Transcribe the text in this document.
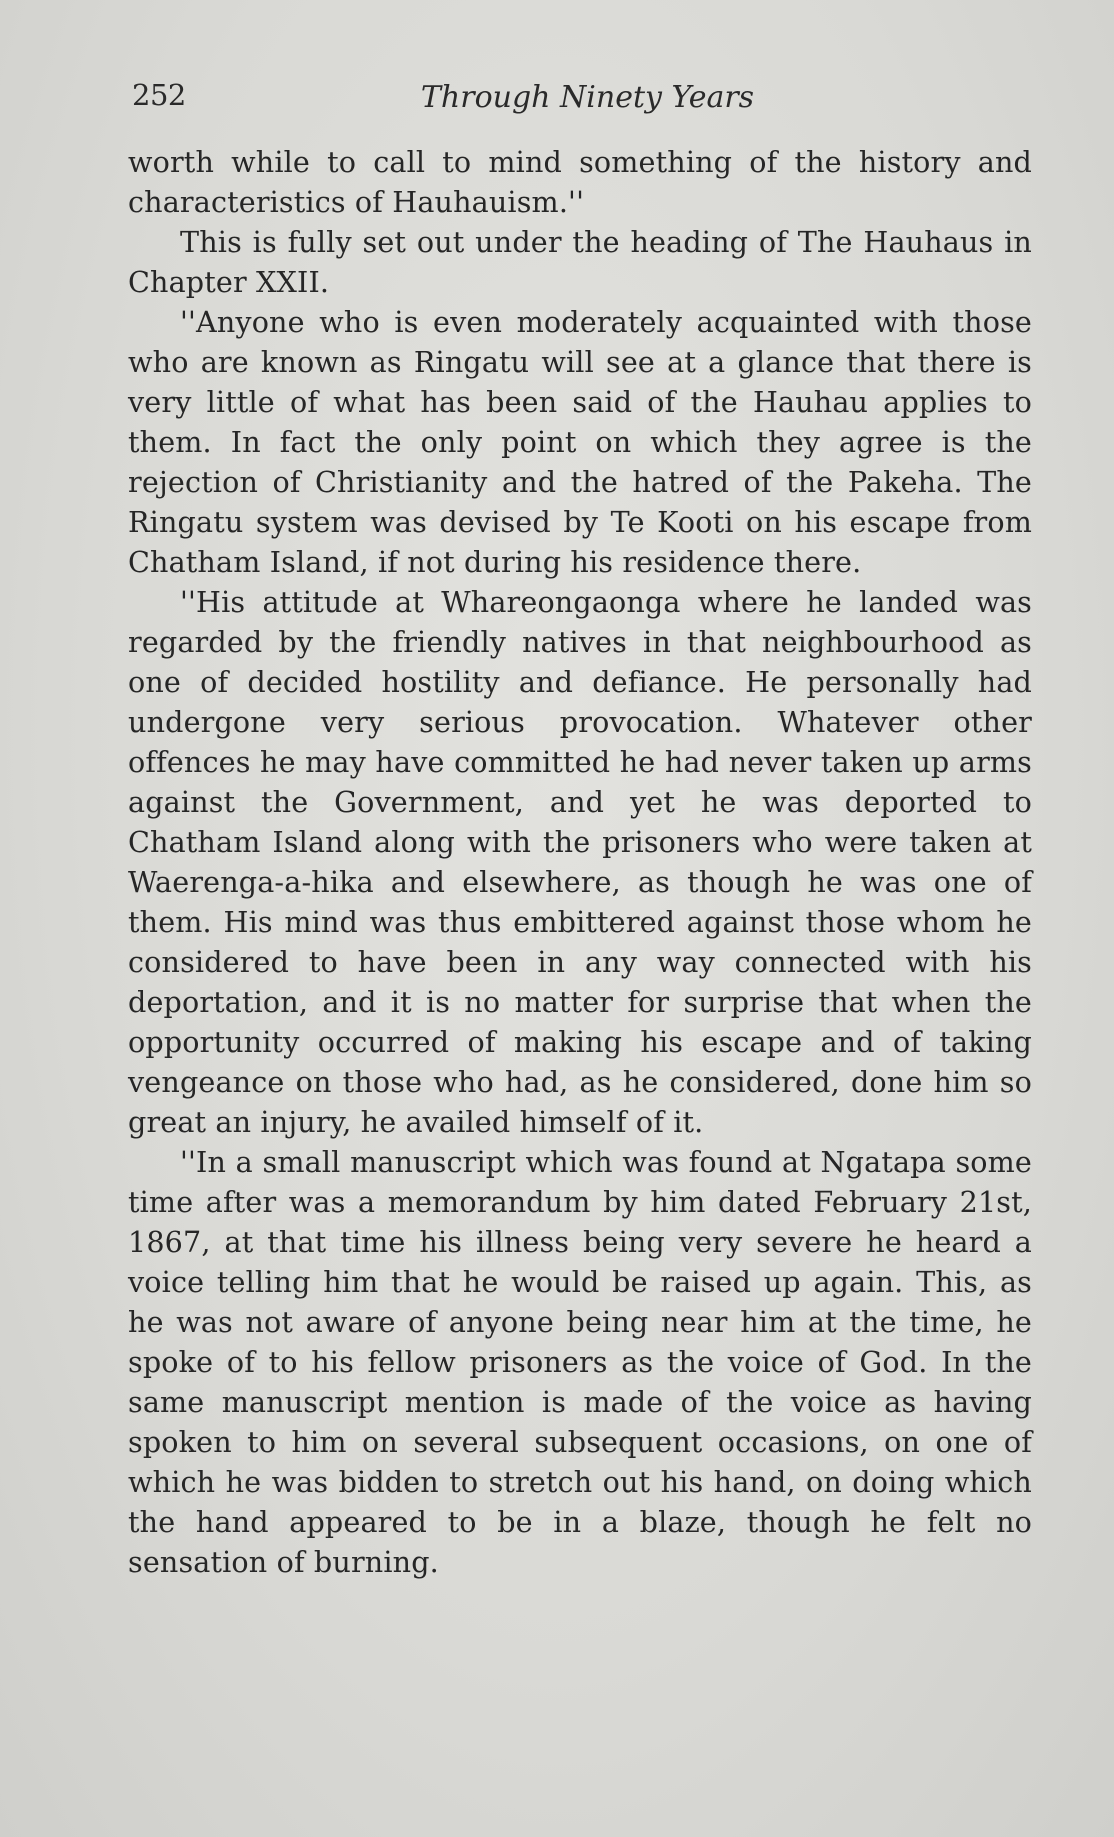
252	Through Ninety Years

worth while to call to mind something of the history and characteristics of Hauhauism.''

This is fully set out under the heading of The Hauhaus in Chapter XXII.

''Anyone who is even moderately acquainted with those who are known as Ringatu will see at a glance that there is very little of what has been said of the Hauhau applies to them. In fact the only point on which they agree is the rejection of Christianity and the hatred of the Pakeha. The Ringatu system was devised by Te Kooti on his escape from Chatham Island, if not during his residence there.

''His attitude at Whareongaonga where he landed was regarded by the friendly natives in that neighbourhood as one of decided hostility and defiance. He personally had undergone very serious provocation. Whatever other offences he may have committed he had never taken up arms against the Government, and yet he was deported to Chatham Island along with the prisoners who were taken at Waerenga-a-hika and elsewhere, as though he was one of them. His mind was thus embittered against those whom he considered to have been in any way connected with his deportation, and it is no matter for surprise that when the opportunity occurred of making his escape and of taking vengeance on those who had, as he considered, done him so great an injury, he availed himself of it.

''In a small manuscript which was found at Ngatapa some time after was a memorandum by him dated February 21st, 1867, at that time his illness being very severe he heard a voice telling him that he would be raised up again. This, as he was not aware of anyone being near him at the time, he spoke of to his fellow prisoners as the voice of God. In the same manuscript mention is made of the voice as having spoken to him on several subsequent occasions, on one of which he was bidden to stretch out his hand, on doing which the hand appeared to be in a blaze, though he felt no sensation of burning.
